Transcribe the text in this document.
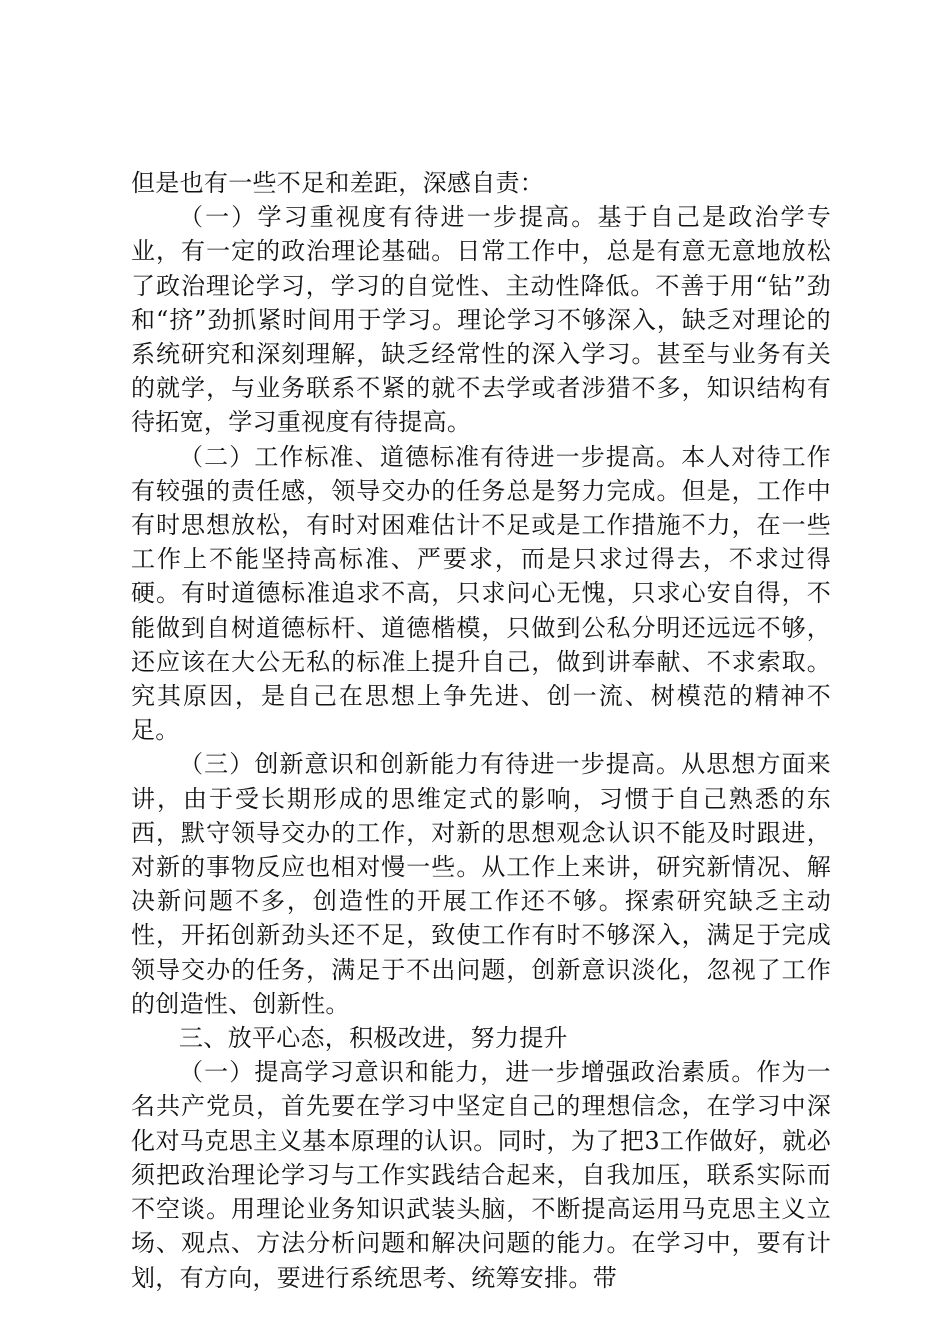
但是也有一些不足和差距，深感自责：

（一）学习重视度有待进一步提高。基于自己是政治学专业，有一定的政治理论基础。日常工作中，总是有意无意地放松了政治理论学习，学习的自觉性、主动性降低。不善于用“钻”劲和“挤”劲抓紧时间用于学习。理论学习不够深入，缺乏对理论的系统研究和深刻理解，缺乏经常性的深入学习。甚至与业务有关的就学，与业务联系不紧的就不去学或者涉猎不多，知识结构有待拓宽，学习重视度有待提高。

（二）工作标准、道德标准有待进一步提高。本人对待工作有较强的责任感，领导交办的任务总是努力完成。但是，工作中有时思想放松，有时对困难估计不足或是工作措施不力，在一些工作上不能坚持高标准、严要求，而是只求过得去，不求过得硬。有时道德标准追求不高，只求问心无愧，只求心安自得，不能做到自树道德标杆、道德楷模，只做到公私分明还远远不够，还应该在大公无私的标准上提升自己，做到讲奉献、不求索取。究其原因，是自己在思想上争先进、创一流、树模范的精神不足。

（三）创新意识和创新能力有待进一步提高。从思想方面来讲，由于受长期形成的思维定式的影响，习惯于自己熟悉的东西，默守领导交办的工作，对新的思想观念认识不能及时跟进，对新的事物反应也相对慢一些。从工作上来讲，研究新情况、解决新问题不多，创造性的开展工作还不够。探索研究缺乏主动性，开拓创新劲头还不足，致使工作有时不够深入，满足于完成领导交办的任务，满足于不出问题，创新意识淡化，忽视了工作的创造性、创新性。

三、放平心态，积极改进，努力提升

（一）提高学习意识和能力，进一步增强政治素质。作为一名共产党员，首先要在学习中坚定自己的理想信念，在学习中深化对马克思主义基本原理的认识。同时，为了把3工作做好，就必须把政治理论学习与工作实践结合起来，自我加压，联系实际而不空谈。用理论业务知识武装头脑，不断提高运用马克思主义立场、观点、方法分析问题和解决问题的能力。在学习中，要有计划，有方向，要进行系统思考、统筹安排。带
